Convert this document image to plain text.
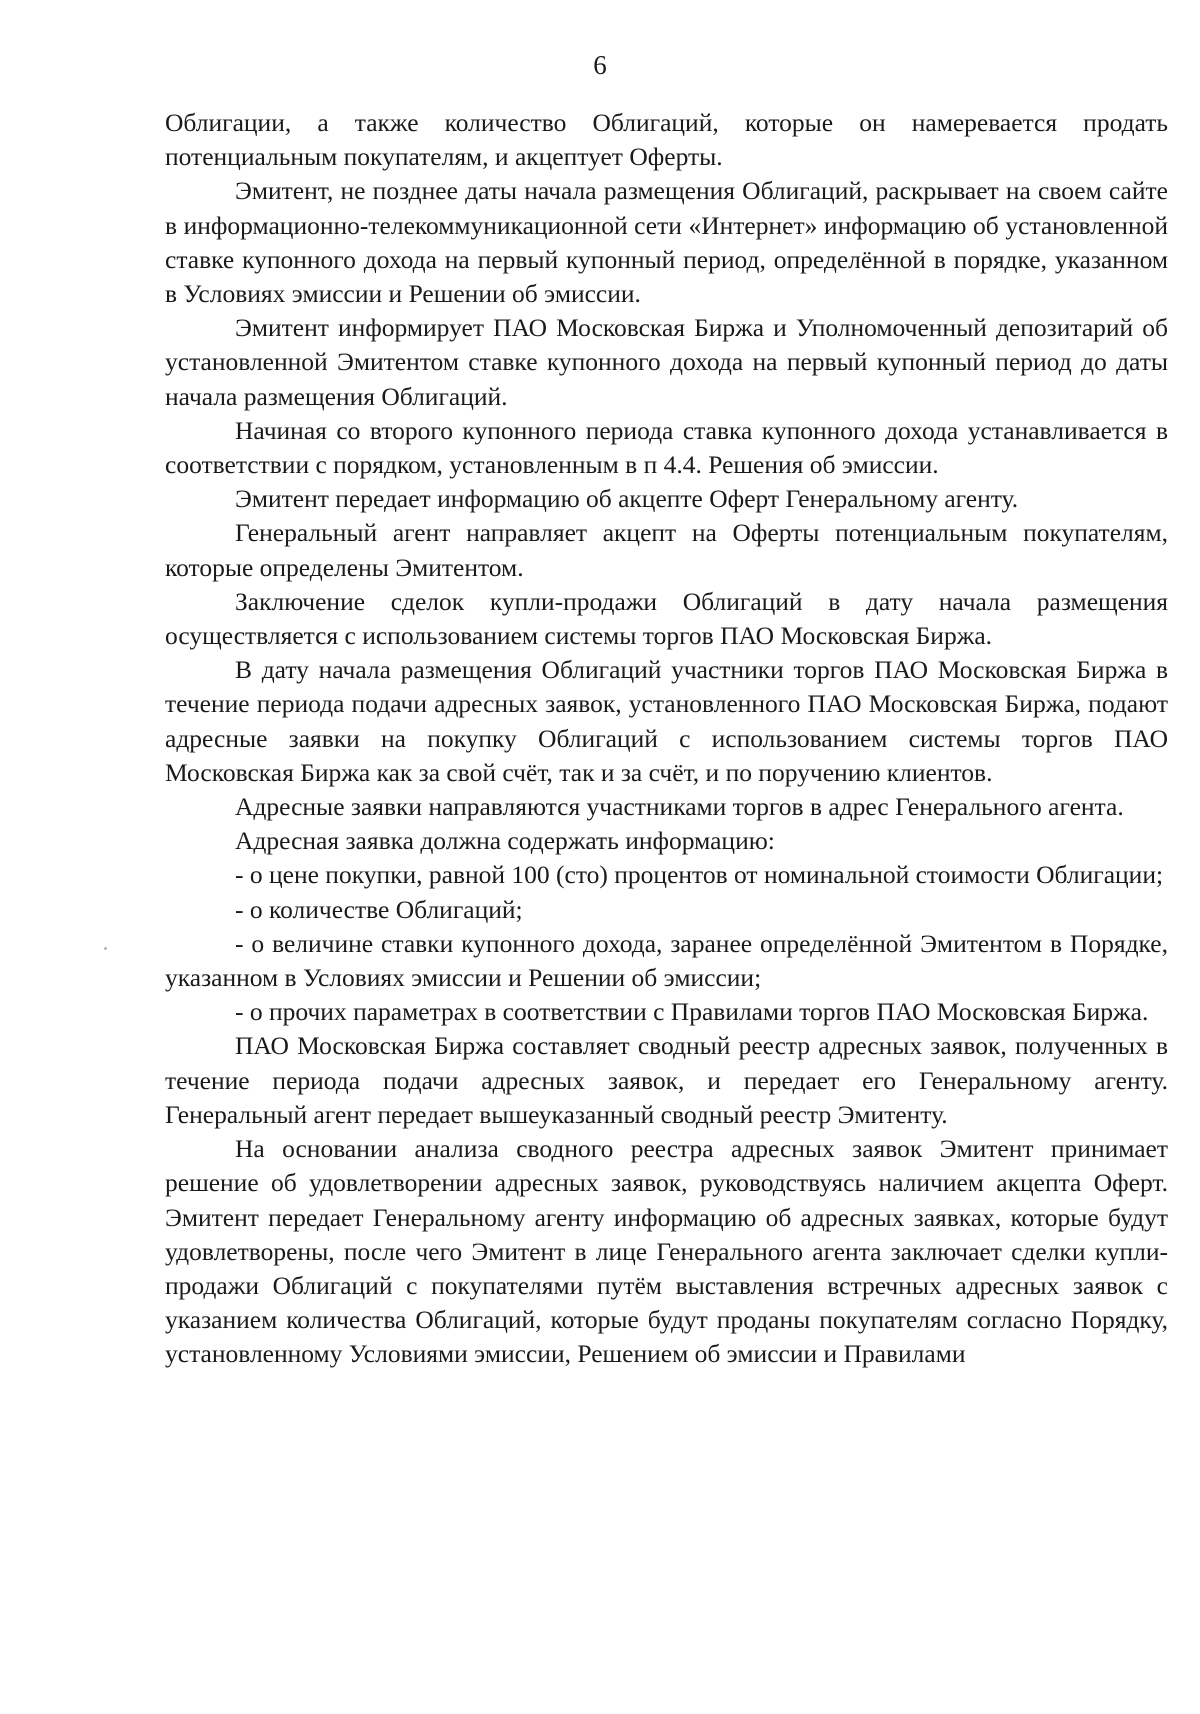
6

Облигации, а также количество Облигаций, которые он намеревается продать потенциальным покупателям, и акцептует Оферты.

Эмитент, не позднее даты начала размещения Облигаций, раскрывает на своем сайте в информационно-телекоммуникационной сети «Интернет» информацию об установленной ставке купонного дохода на первый купонный период, определённой в порядке, указанном в Условиях эмиссии и Решении об эмиссии.

Эмитент информирует ПАО Московская Биржа и Уполномоченный депозитарий об установленной Эмитентом ставке купонного дохода на первый купонный период до даты начала размещения Облигаций.

Начиная со второго купонного периода ставка купонного дохода устанавливается в соответствии с порядком, установленным в п 4.4. Решения об эмиссии.

Эмитент передает информацию об акцепте Оферт Генеральному агенту.

Генеральный агент направляет акцепт на Оферты потенциальным покупателям, которые определены Эмитентом.

Заключение сделок купли-продажи Облигаций в дату начала размещения осуществляется с использованием системы торгов ПАО Московская Биржа.

В дату начала размещения Облигаций участники торгов ПАО Московская Биржа в течение периода подачи адресных заявок, установленного ПАО Московская Биржа, подают адресные заявки на покупку Облигаций с использованием системы торгов ПАО Московская Биржа как за свой счёт, так и за счёт, и по поручению клиентов.

Адресные заявки направляются участниками торгов в адрес Генерального агента.

Адресная заявка должна содержать информацию:

- о цене покупки, равной 100 (сто) процентов от номинальной стоимости Облигации;

- о количестве Облигаций;

- о величине ставки купонного дохода, заранее определённой Эмитентом в Порядке, указанном в Условиях эмиссии и Решении об эмиссии;

- о прочих параметрах в соответствии с Правилами торгов ПАО Московская Биржа.

ПАО Московская Биржа составляет сводный реестр адресных заявок, полученных в течение периода подачи адресных заявок, и передает его Генеральному агенту. Генеральный агент передает вышеуказанный сводный реестр Эмитенту.

На основании анализа сводного реестра адресных заявок Эмитент принимает решение об удовлетворении адресных заявок, руководствуясь наличием акцепта Оферт. Эмитент передает Генеральному агенту информацию об адресных заявках, которые будут удовлетворены, после чего Эмитент в лице Генерального агента заключает сделки купли-продажи Облигаций с покупателями путём выставления встречных адресных заявок с указанием количества Облигаций, которые будут проданы покупателям согласно Порядку, установленному Условиями эмиссии, Решением об эмиссии и Правилами
